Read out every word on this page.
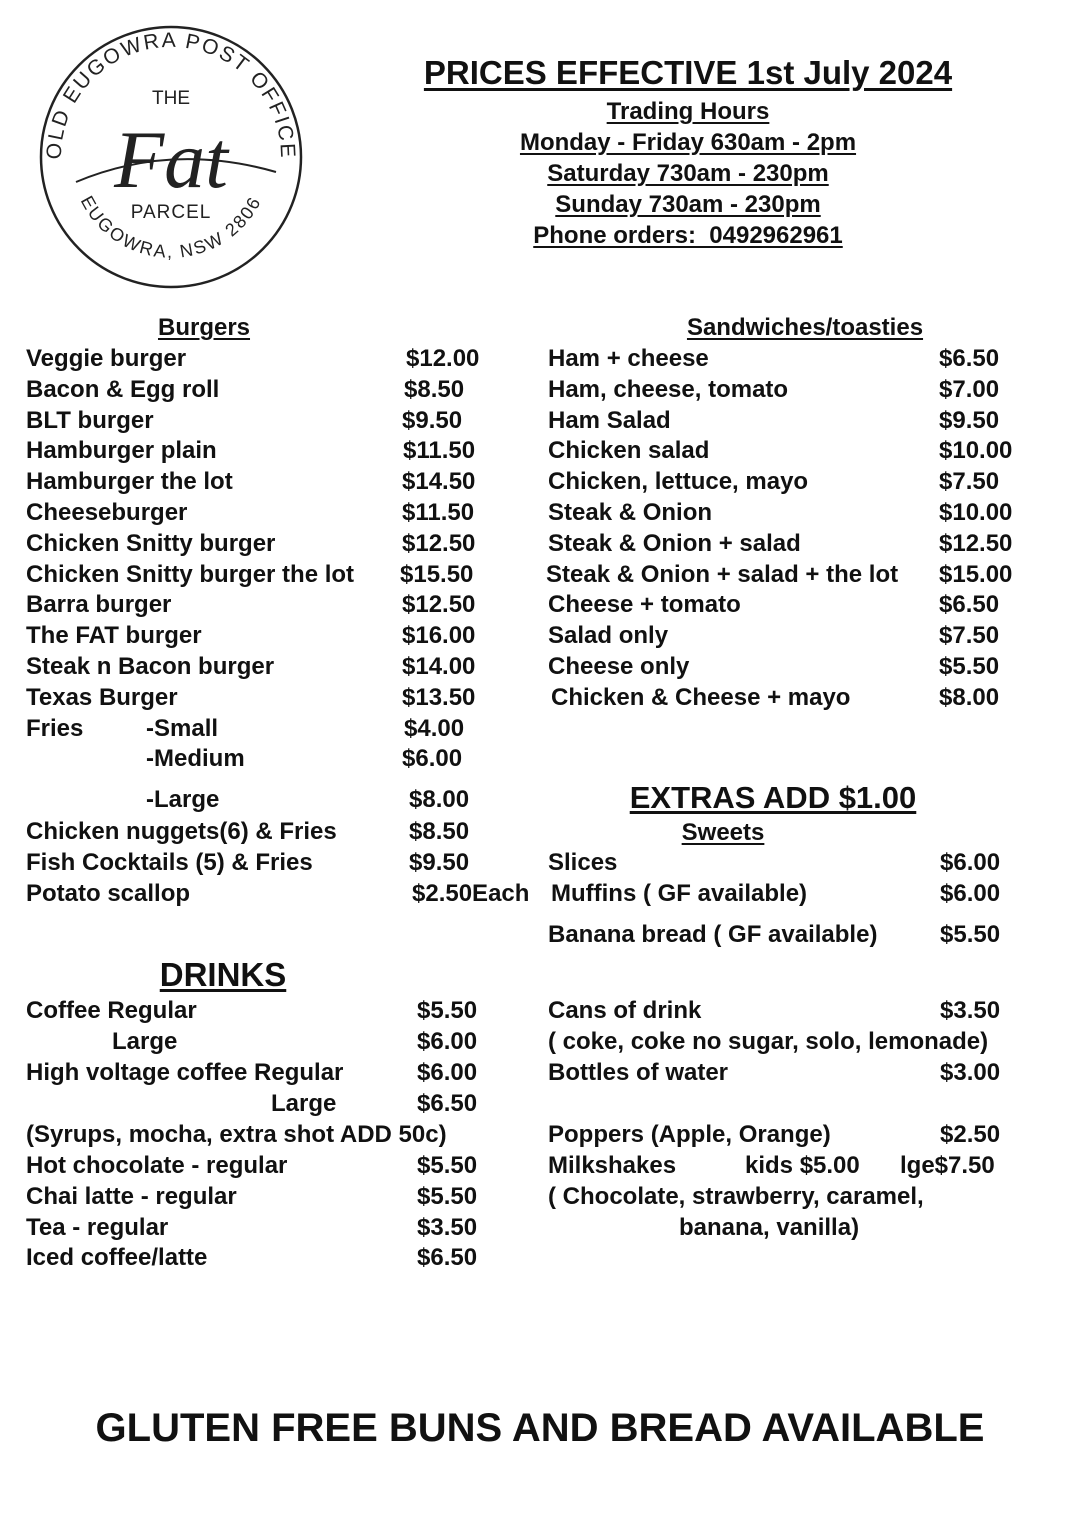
OLD EUGOWRA POST OFFICE
EUGOWRA, NSW 2806
THE
Fat
PARCEL
PRICES EFFECTIVE 1st July 2024
Trading Hours
Monday - Friday 630am - 2pm
Saturday 730am - 230pm
Sunday 730am - 230pm
Phone orders:  0492962961
Burgers
Veggie burger	$12.00
Bacon & Egg roll	$8.50
BLT burger	$9.50
Hamburger plain	$11.50
Hamburger the lot	$14.50
Cheeseburger	$11.50
Chicken Snitty burger	$12.50
Chicken Snitty burger the lot $15.50
Barra burger	$12.50
The FAT burger	$16.00
Steak n Bacon burger	$14.00
Texas Burger	$13.50
Fries	-Small	$4.00
-Medium	$6.00
-Large	$8.00
Chicken nuggets(6) & Fries	$8.50
Fish Cocktails (5) & Fries	$9.50
Potato scallop	$2.50Each
Sandwiches/toasties
Ham + cheese	$6.50
Ham, cheese, tomato	$7.00
Ham Salad	$9.50
Chicken salad	$10.00
Chicken, lettuce, mayo	$7.50
Steak & Onion	$10.00
Steak & Onion + salad	$12.50
Steak & Onion + salad + the lot $15.00
Cheese + tomato	$6.50
Salad only	$7.50
Cheese only	$5.50
Chicken & Cheese + mayo	$8.00
EXTRAS ADD $1.00
Sweets
Slices	$6.00
Muffins ( GF available)	$6.00
Banana bread ( GF available)	$5.50
DRINKS
Coffee Regular	$5.50
Large	$6.00
High voltage coffee Regular	$6.00
Large	$6.50
(Syrups, mocha, extra shot ADD 50c)
Hot chocolate - regular	$5.50
Chai latte - regular	$5.50
Tea - regular	$3.50
Iced coffee/latte	$6.50
Cans of drink	$3.50
( coke, coke no sugar, solo, lemonade)
Bottles of water	$3.00
Poppers (Apple, Orange)	$2.50
Milkshakes	kids $5.00 lge$7.50
( Chocolate, strawberry, caramel,
banana, vanilla)
GLUTEN FREE BUNS AND BREAD AVAILABLE
